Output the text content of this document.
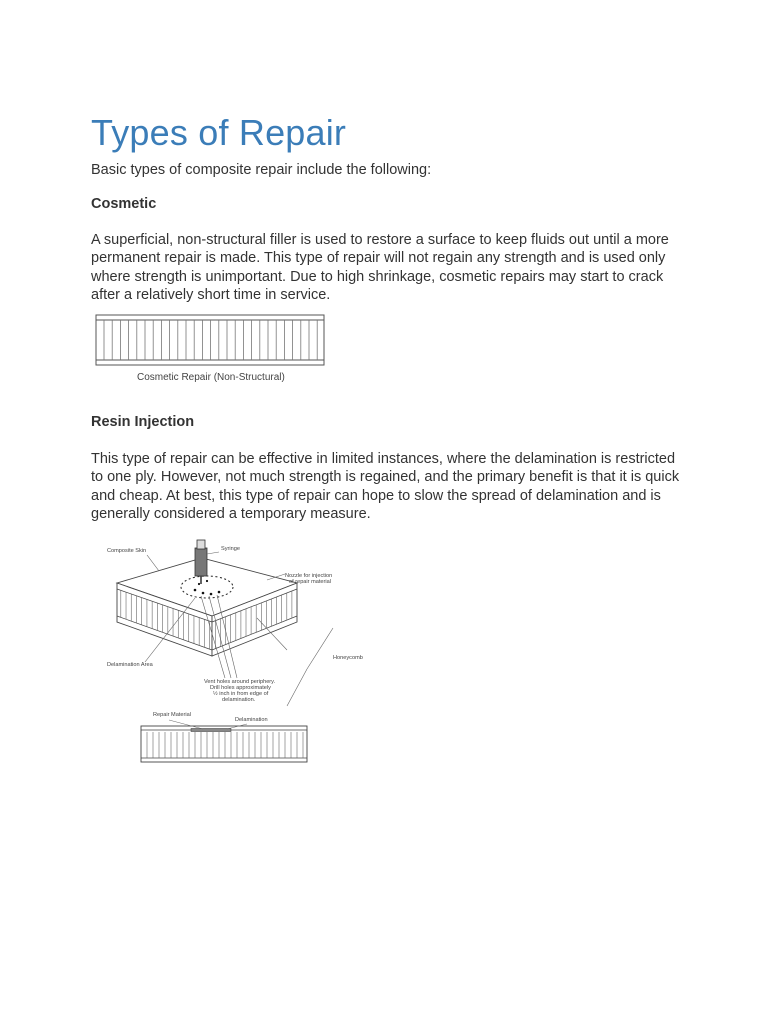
Types of Repair

Basic types of composite repair include the following:

Cosmetic

A superficial, non-structural filler is used to restore a surface to keep fluids out until a more permanent repair is made. This type of repair will not regain any strength and is used only where strength is unimportant. Due to high shrinkage, cosmetic repairs may start to crack after a relatively short time in service.

Cosmetic Repair (Non-Structural)
Resin Injection

This type of repair can be effective in limited instances, where the delamination is restricted to one ply. However, not much strength is regained, and the primary benefit is that it is quick and cheap. At best, this type of repair can hope to slow the spread of delamination and is generally considered a temporary measure.

Composite Skin	Syringe
Nozzle for injection
of repair material
Delamination Area
Honeycomb
Vent holes around periphery.
Drill holes approximately
½ inch in from edge of
delamination.
Repair Material
Delamination
